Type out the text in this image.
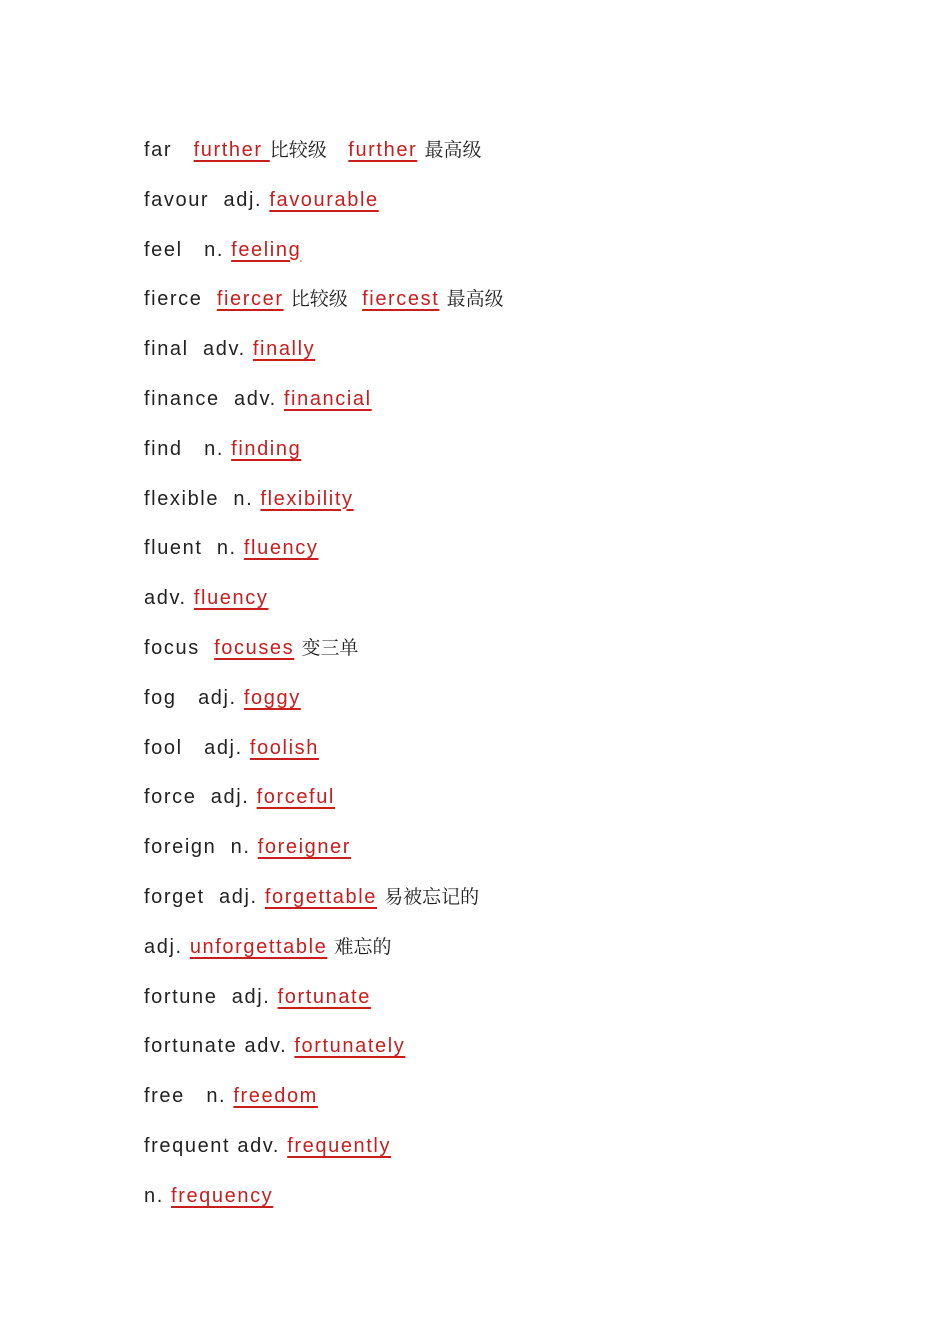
far   further 比较级 further 最高级
favour  adj. favourable
feel   n. feeling
fierce  fiercer 比较级 fiercest 最高级
final  adv. finally
finance  adv. financial
find   n. finding
flexible  n. flexibility
fluent  n. fluency
adv. fluency
focus  focuses 变三单
fog   adj. foggy
fool   adj. foolish
force  adj. forceful
foreign  n. foreigner
forget  adj. forgettable 易被忘记的
adj. unforgettable 难忘的
fortune  adj. fortunate
fortunate adv. fortunately
free   n. freedom
frequent adv. frequently
n. frequency
